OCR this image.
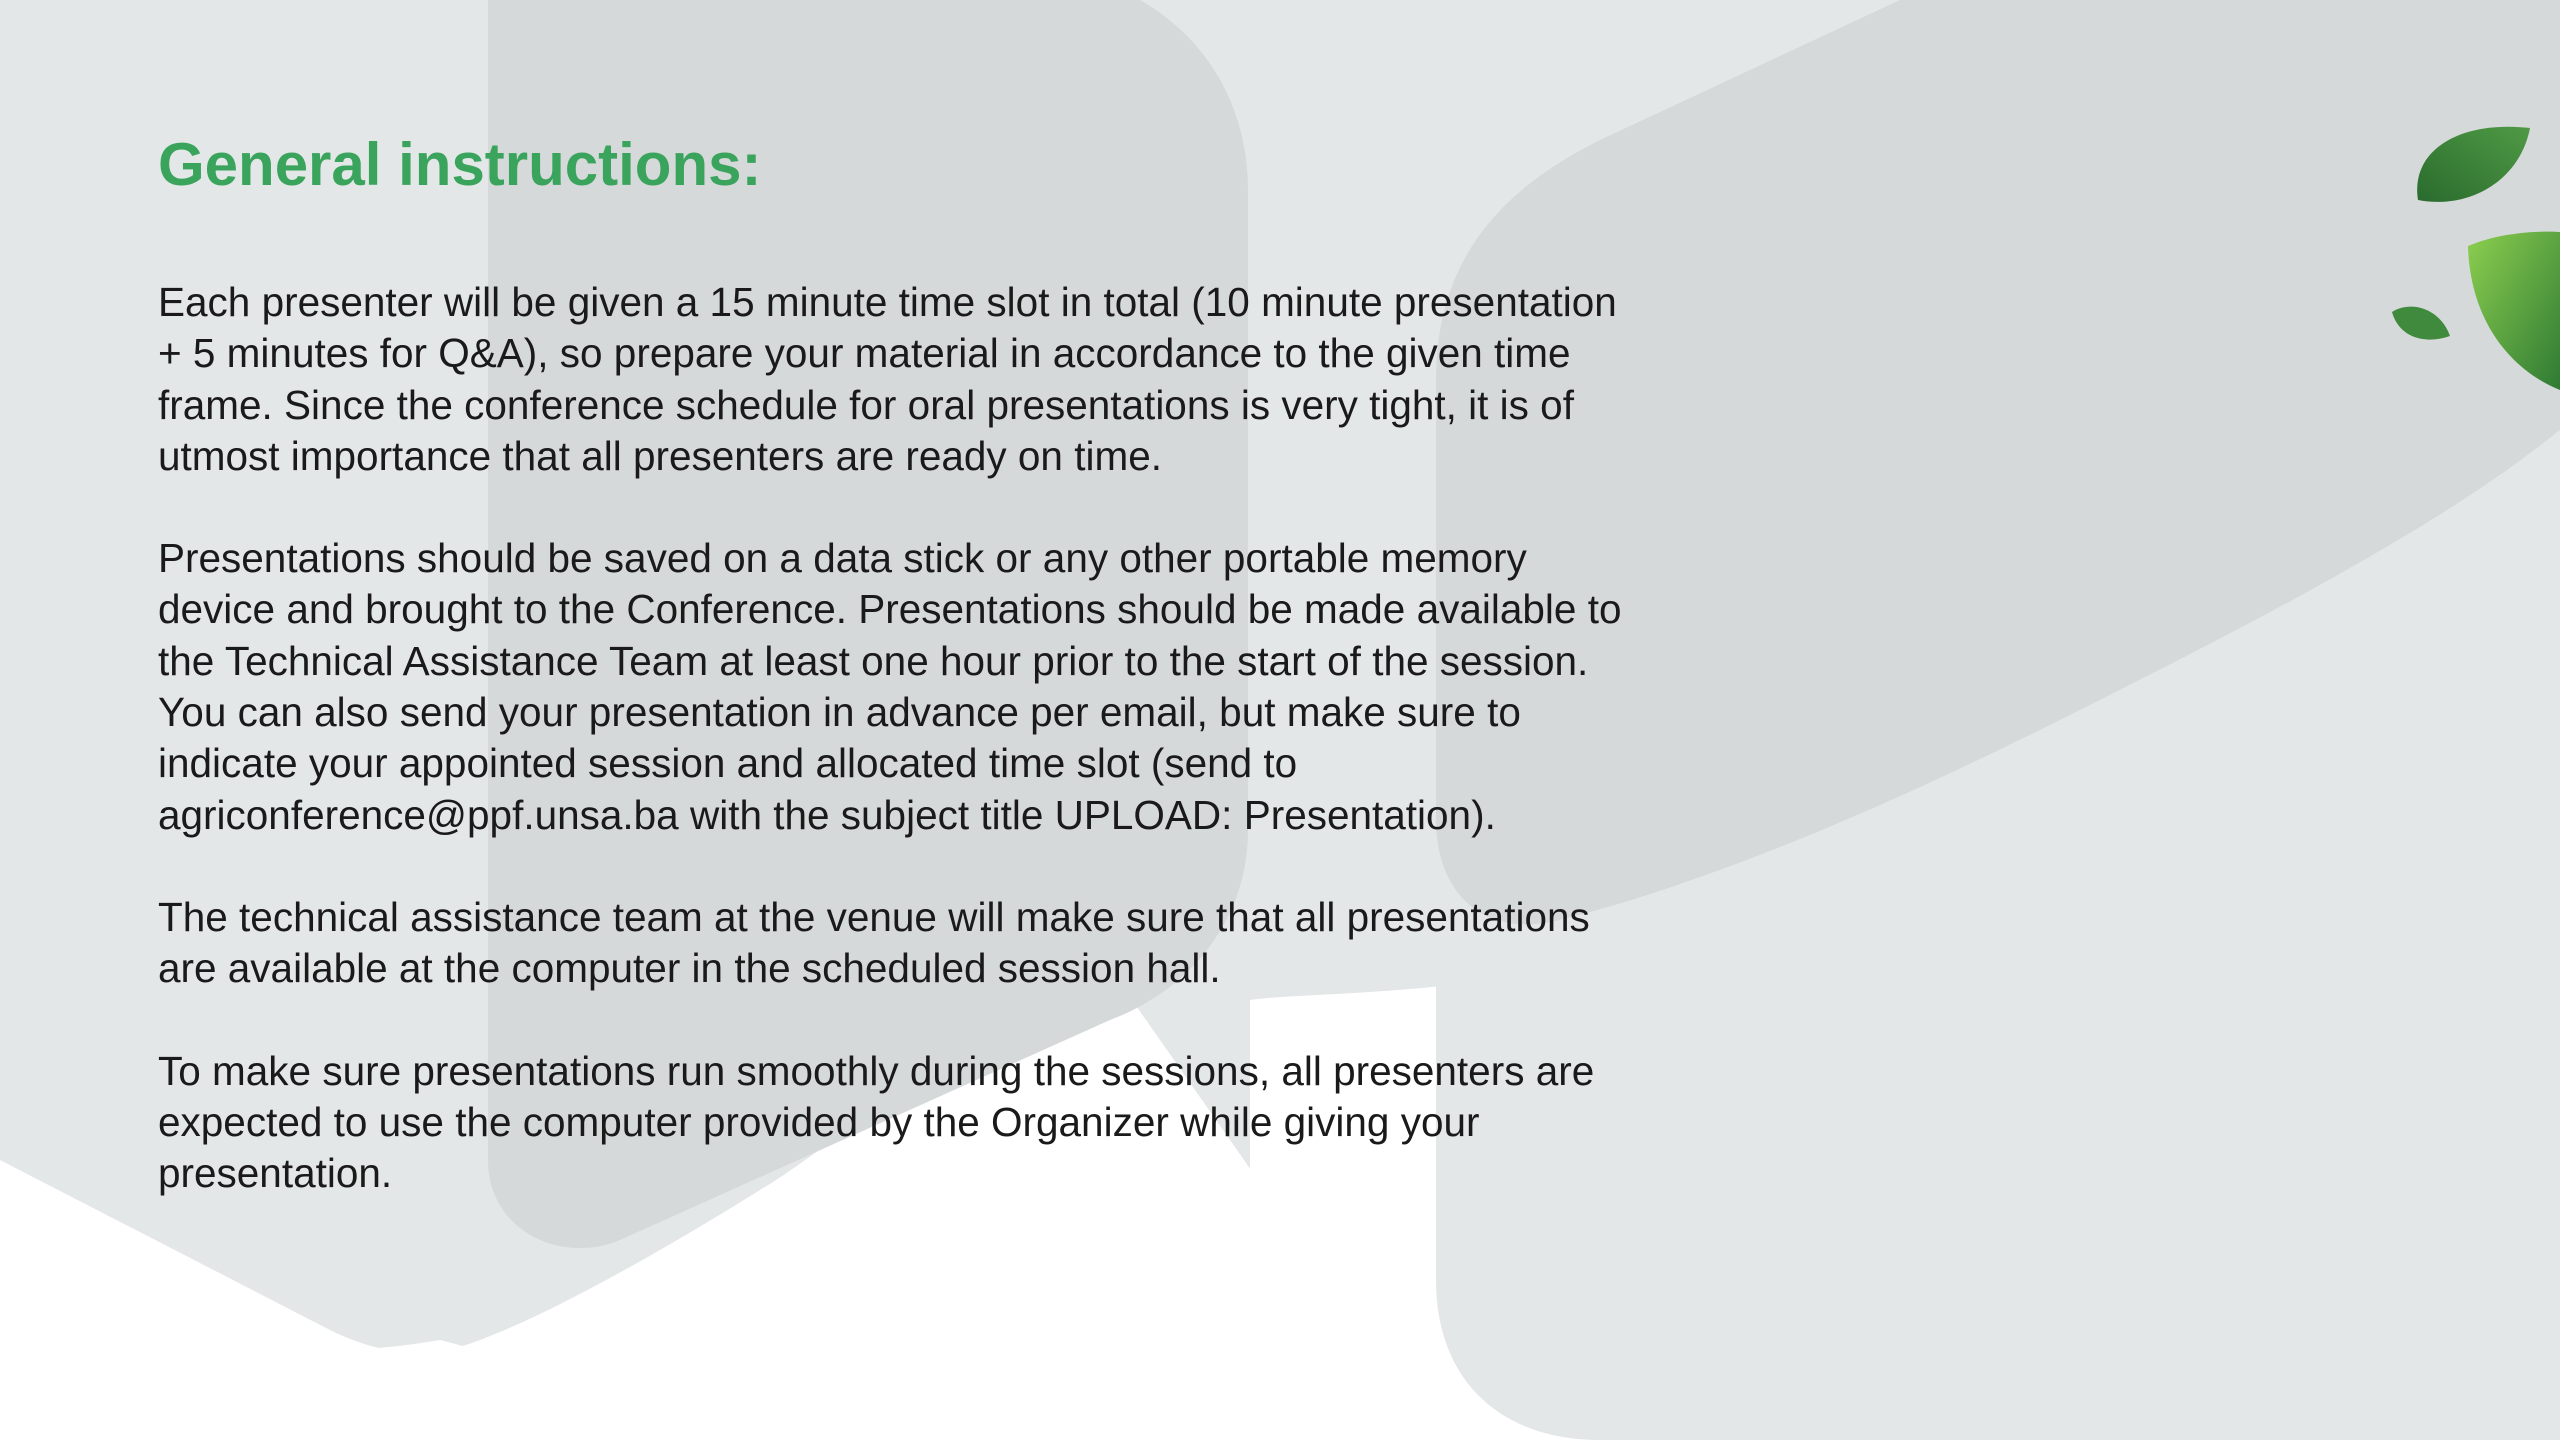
General instructions:
Each presenter will be given a 15 minute time slot in total (10 minute presentation
+ 5 minutes for Q&A), so prepare your material in accordance to the given time
frame. Since the conference schedule for oral presentations is very tight, it is of
utmost importance that all presenters are ready on time.
Presentations should be saved on a data stick or any other portable memory
device and brought to the Conference. Presentations should be made available to
the Technical Assistance Team at least one hour prior to the start of the session.
You can also send your presentation in advance per email, but make sure to
indicate your appointed session and allocated time slot (send to
agriconference@ppf.unsa.ba with the subject title UPLOAD: Presentation).
The technical assistance team at the venue will make sure that all presentations
are available at the computer in the scheduled session hall.
To make sure presentations run smoothly during the sessions, all presenters are
expected to use the computer provided by the Organizer while giving your
presentation.
